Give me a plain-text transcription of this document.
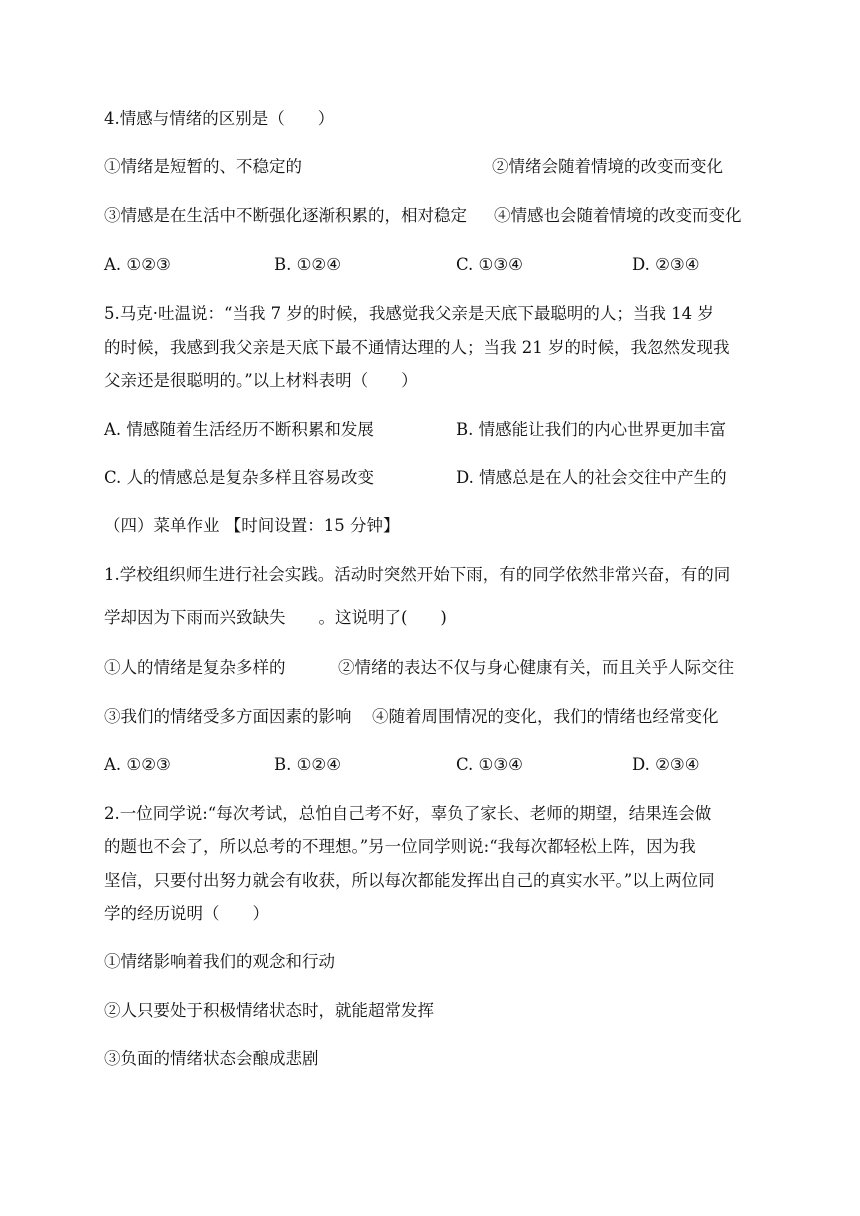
4.情感与情绪的区别是（　　）
①情绪是短暂的、不稳定的	②情绪会随着情境的改变而变化
③情感是在生活中不断强化逐渐积累的，相对稳定 ④情感也会随着情境的改变而变化
A. ①②③	B. ①②④	C. ①③④	D. ②③④
5.马克·吐温说：“当我 7 岁的时候，我感觉我父亲是天底下最聪明的人；当我 14 岁
的时候，我感到我父亲是天底下最不通情达理的人；当我 21 岁的时候，我忽然发现我
父亲还是很聪明的。”以上材料表明（　　）
A. 情感随着生活经历不断积累和发展	B. 情感能让我们的内心世界更加丰富
C. 人的情感总是复杂多样且容易改变	D. 情感总是在人的社会交往中产生的
（四）菜单作业 【时间设置：15 分钟】
1.学校组织师生进行社会实践。活动时突然开始下雨，有的同学依然非常兴奋，有的同
学却因为下雨而兴致缺失　　。这说明了(　　)
①人的情绪是复杂多样的	②情绪的表达不仅与身心健康有关，而且关乎人际交往
③我们的情绪受多方面因素的影响 ④随着周围情况的变化，我们的情绪也经常变化
A. ①②③	B. ①②④	C. ①③④	D. ②③④
2.一位同学说:“每次考试，总怕自己考不好，辜负了家长、老师的期望，结果连会做
的题也不会了，所以总考的不理想。”另一位同学则说:“我每次都轻松上阵，因为我
坚信，只要付出努力就会有收获，所以每次都能发挥出自己的真实水平。”以上两位同
学的经历说明（　　）
①情绪影响着我们的观念和行动
②人只要处于积极情绪状态时，就能超常发挥
③负面的情绪状态会酿成悲剧
